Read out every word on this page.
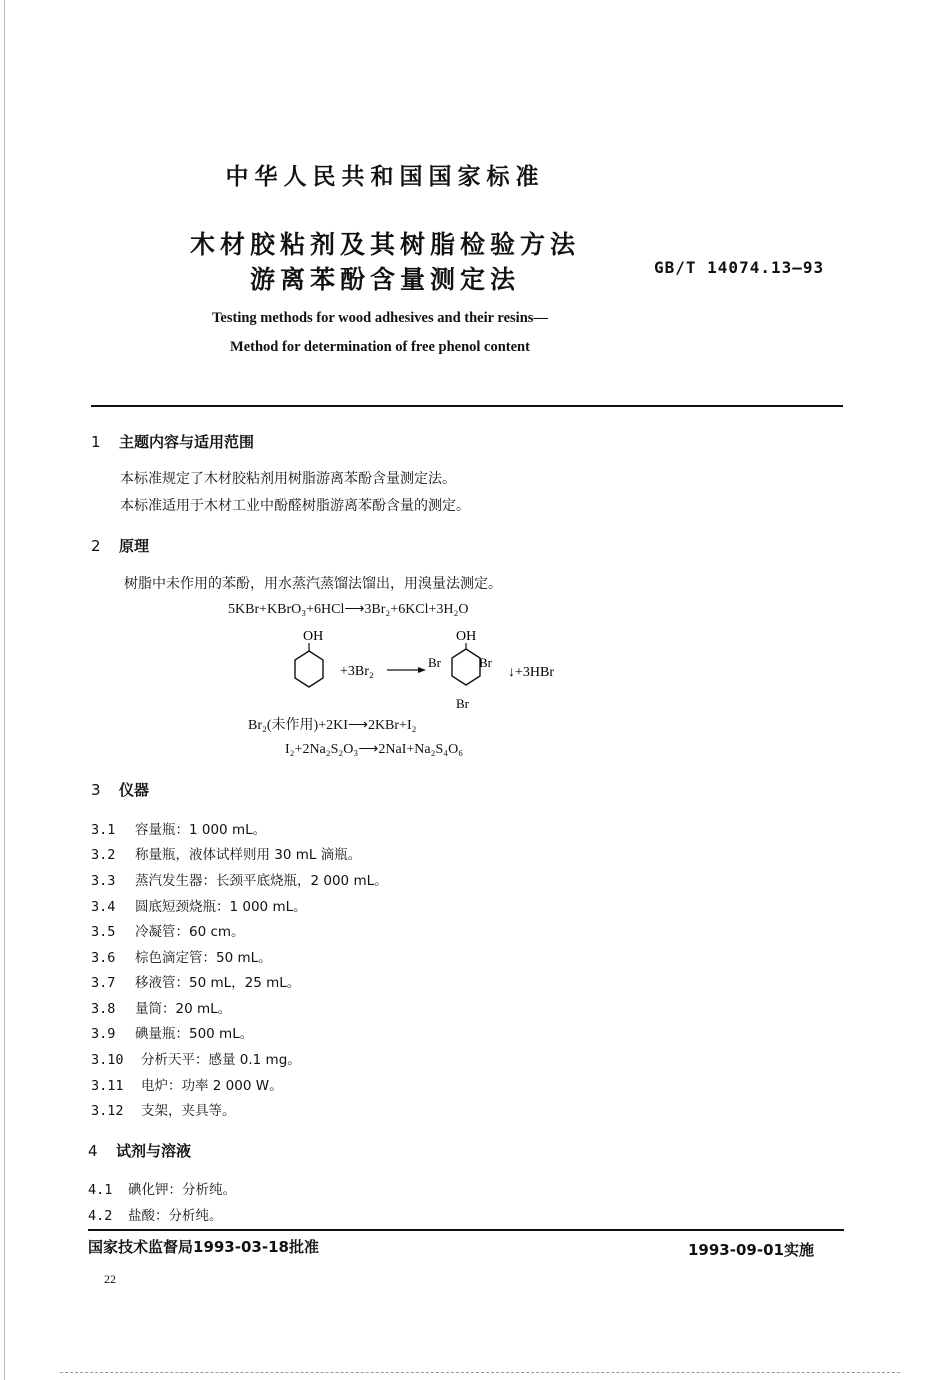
中华人民共和国国家标准
木材胶粘剂及其树脂检验方法
游离苯酚含量测定法	GB/T 14074.13—93
Testing methods for wood adhesives and their resins—
Method for determination of free phenol content
1 主题内容与适用范围
本标准规定了木材胶粘剂用树脂游离苯酚含量测定法。
本标准适用于木材工业中酚醛树脂游离苯酚含量的测定。
2 原理
树脂中未作用的苯酚，用水蒸汽蒸馏法馏出，用溴量法测定。
5KBr+KBrO₃+6HCl⟶3Br₂+6KCl+3H₂O
OH
+3Br₂
OH
Br	Br
Br
↓+3HBr
Br₂(未作用)+2KI⟶2KBr+I₂
I₂+2Na₂S₂O₃⟶2NaI+Na₂S₄O₆
3 仪器
3.1 容量瓶：1 000 mL。
3.2 称量瓶，液体试样则用 30 mL 滴瓶。
3.3 蒸汽发生器：长颈平底烧瓶，2 000 mL。
3.4 圆底短颈烧瓶：1 000 mL。
3.5 冷凝管：60 cm。
3.6 棕色滴定管：50 mL。
3.7 移液管：50 mL，25 mL。
3.8 量筒：20 mL。
3.9 碘量瓶：500 mL。
3.10 分析天平：感量 0.1 mg。
3.11 电炉：功率 2 000 W。
3.12 支架，夹具等。
4 试剂与溶液
4.1 碘化钾：分析纯。
4.2 盐酸：分析纯。
国家技术监督局1993-03-18批准	1993-09-01实施
22
